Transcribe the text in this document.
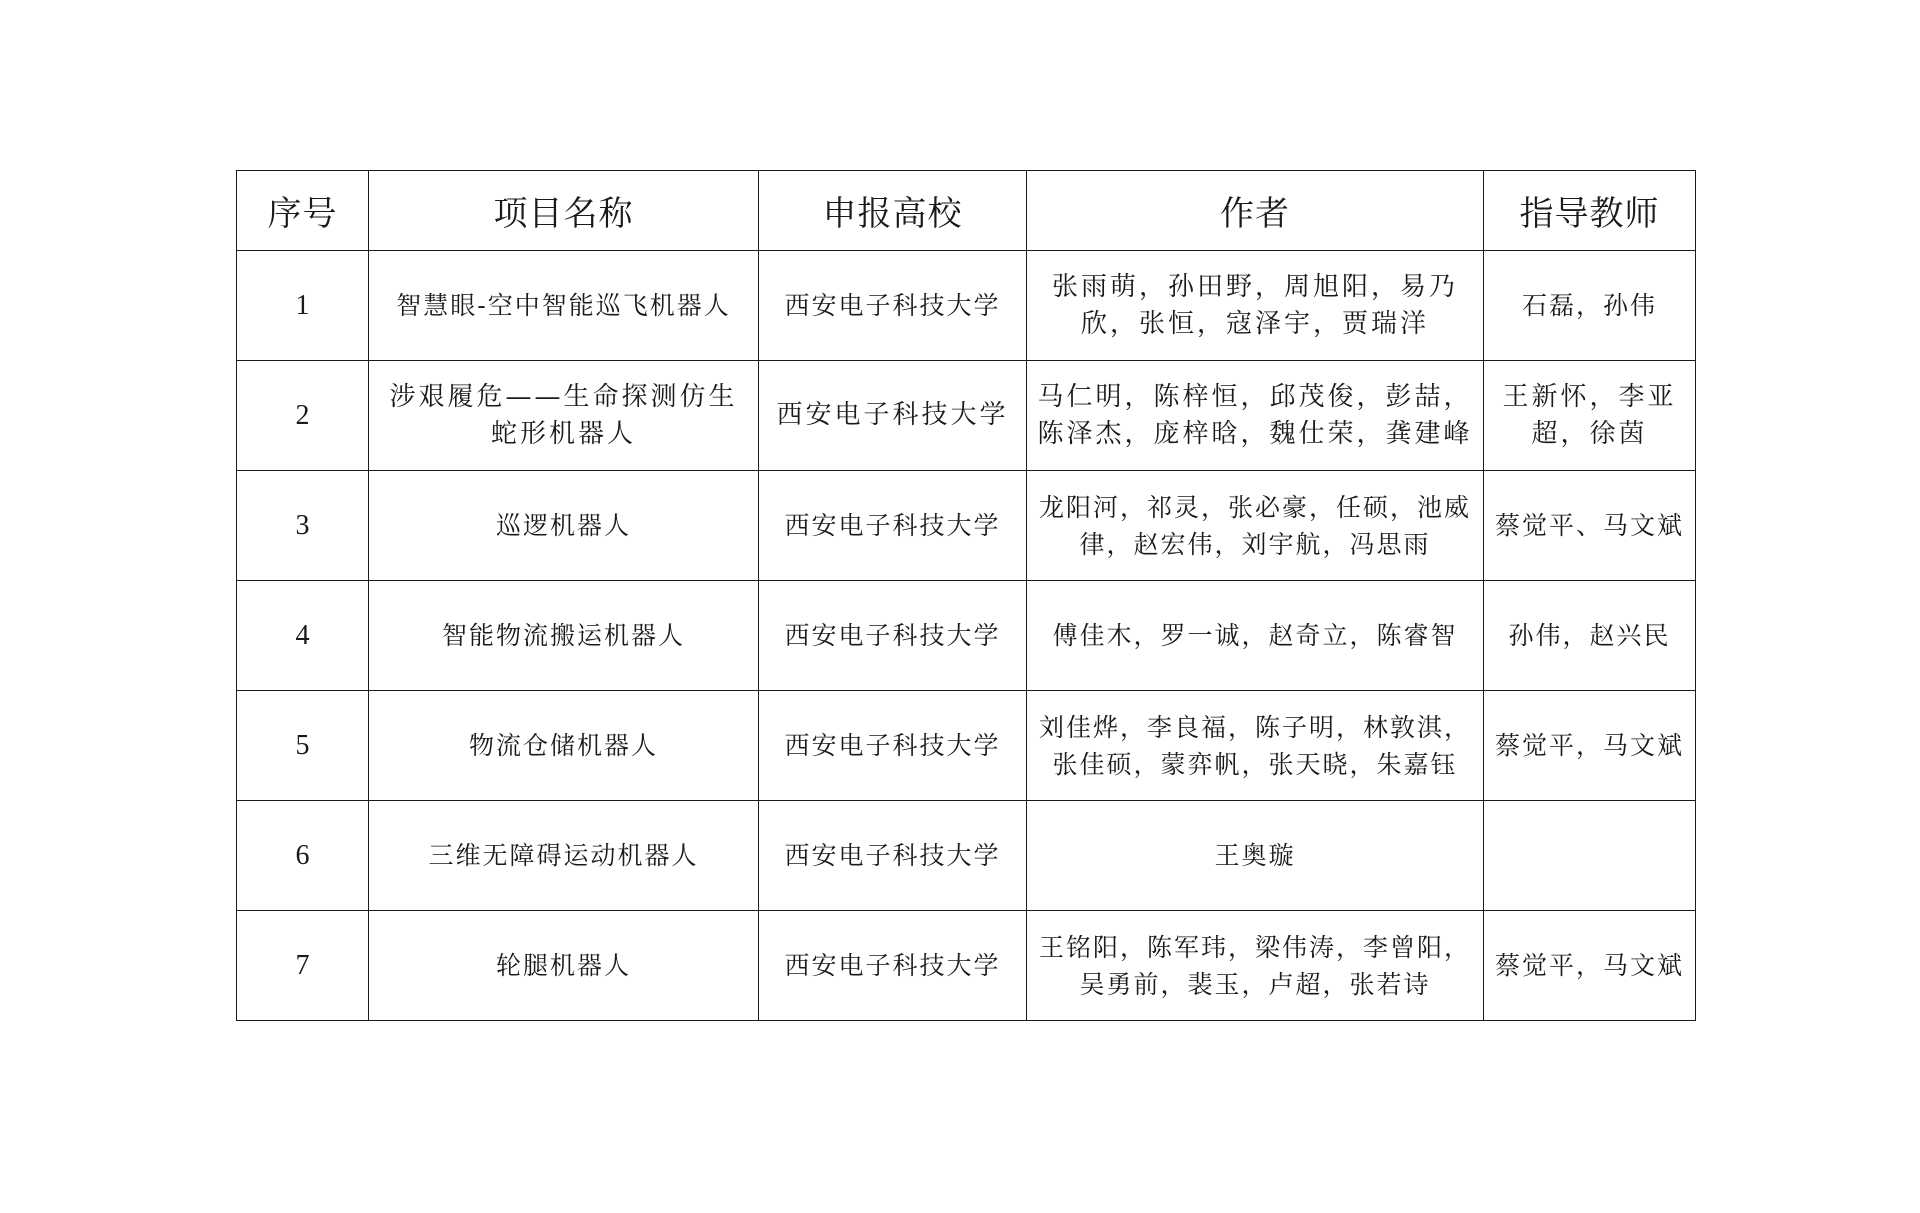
序号	项目名称	申报高校	作者	指导教师
1	智慧眼-空中智能巡飞机器人	西安电子科技大学	张雨萌，孙田野，周旭阳，易乃欣，张恒，寇泽宇，贾瑞洋	石磊，孙伟
2	涉艰履危——生命探测仿生蛇形机器人	西安电子科技大学	马仁明，陈梓恒，邱茂俊，彭喆，陈泽杰，庞梓晗，魏仕荣，龚建峰	王新怀，李亚超，徐茵
3	巡逻机器人	西安电子科技大学	龙阳河，祁灵，张必豪，任硕，池威律，赵宏伟，刘宇航，冯思雨	蔡觉平、马文斌
4	智能物流搬运机器人	西安电子科技大学	傅佳木，罗一诚，赵奇立，陈睿智	孙伟，赵兴民
5	物流仓储机器人	西安电子科技大学	刘佳烨，李良福，陈子明，林敦淇，张佳硕，蒙弈帆，张天晓，朱嘉钰	蔡觉平，马文斌
6	三维无障碍运动机器人	西安电子科技大学	王奥璇	
7	轮腿机器人	西安电子科技大学	王铭阳，陈军玮，梁伟涛，李曾阳，吴勇前，裴玉，卢超，张若诗	蔡觉平，马文斌
